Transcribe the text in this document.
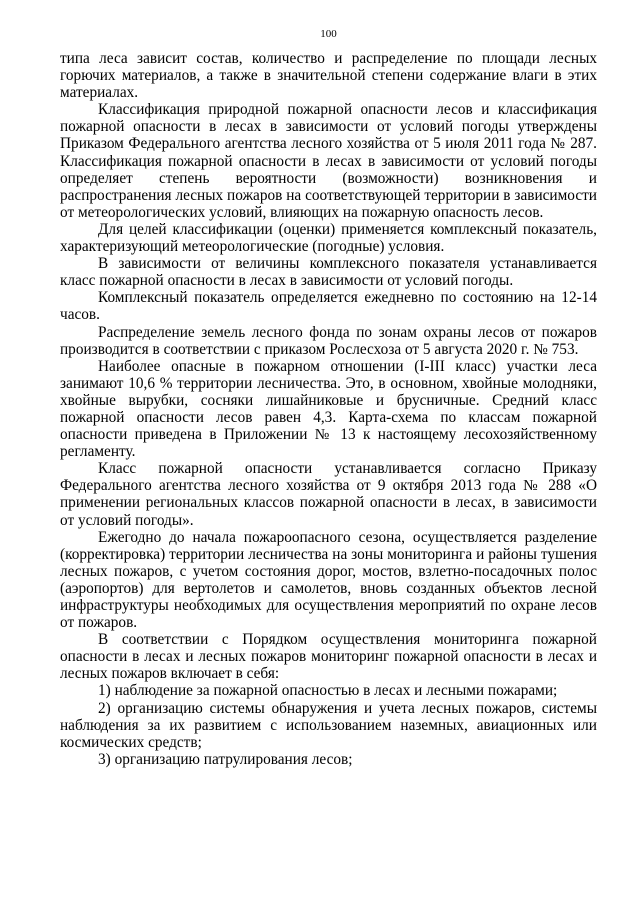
100

типа леса зависит состав, количество и распределение по площади лесных горючих материалов, а также в значительной степени содержание влаги в этих материалах.

Классификация природной пожарной опасности лесов и классификация пожарной опасности в лесах в зависимости от условий погоды утверждены Приказом Федерального агентства лесного хозяйства от 5 июля 2011 года № 287. Классификация пожарной опасности в лесах в зависимости от условий погоды определяет степень вероятности (возможности) возникновения и распространения лесных пожаров на соответствующей территории в зависимости от метеорологических условий, влияющих на пожарную опасность лесов.

Для целей классификации (оценки) применяется комплексный показатель, характеризующий метеорологические (погодные) условия.

В зависимости от величины комплексного показателя устанавливается класс пожарной опасности в лесах в зависимости от условий погоды.

Комплексный показатель определяется ежедневно по состоянию на 12-14 часов.

Распределение земель лесного фонда по зонам охраны лесов от пожаров производится в соответствии с приказом Рослесхоза от 5 августа 2020 г. № 753.

Наиболее опасные в пожарном отношении (I-III класс) участки леса занимают 10,6 % территории лесничества. Это, в основном, хвойные молодняки, хвойные вырубки, сосняки лишайниковые и брусничные. Средний класс пожарной опасности лесов равен 4,3. Карта-схема по классам пожарной опасности приведена в Приложении № 13 к настоящему лесохозяйственному регламенту.

Класс пожарной опасности устанавливается согласно Приказу Федерального агентства лесного хозяйства от 9 октября 2013 года № 288 «О применении региональных классов пожарной опасности в лесах, в зависимости от условий погоды».

Ежегодно до начала пожароопасного сезона, осуществляется разделение (корректировка) территории лесничества на зоны мониторинга и районы тушения лесных пожаров, с учетом состояния дорог, мостов, взлетно-посадочных полос (аэропортов) для вертолетов и самолетов, вновь созданных объектов лесной инфраструктуры необходимых для осуществления мероприятий по охране лесов от пожаров.

В соответствии с Порядком осуществления мониторинга пожарной опасности в лесах и лесных пожаров мониторинг пожарной опасности в лесах и лесных пожаров включает в себя:

1) наблюдение за пожарной опасностью в лесах и лесными пожарами;

2) организацию системы обнаружения и учета лесных пожаров, системы наблюдения за их развитием с использованием наземных, авиационных или космических средств;

3) организацию патрулирования лесов;
